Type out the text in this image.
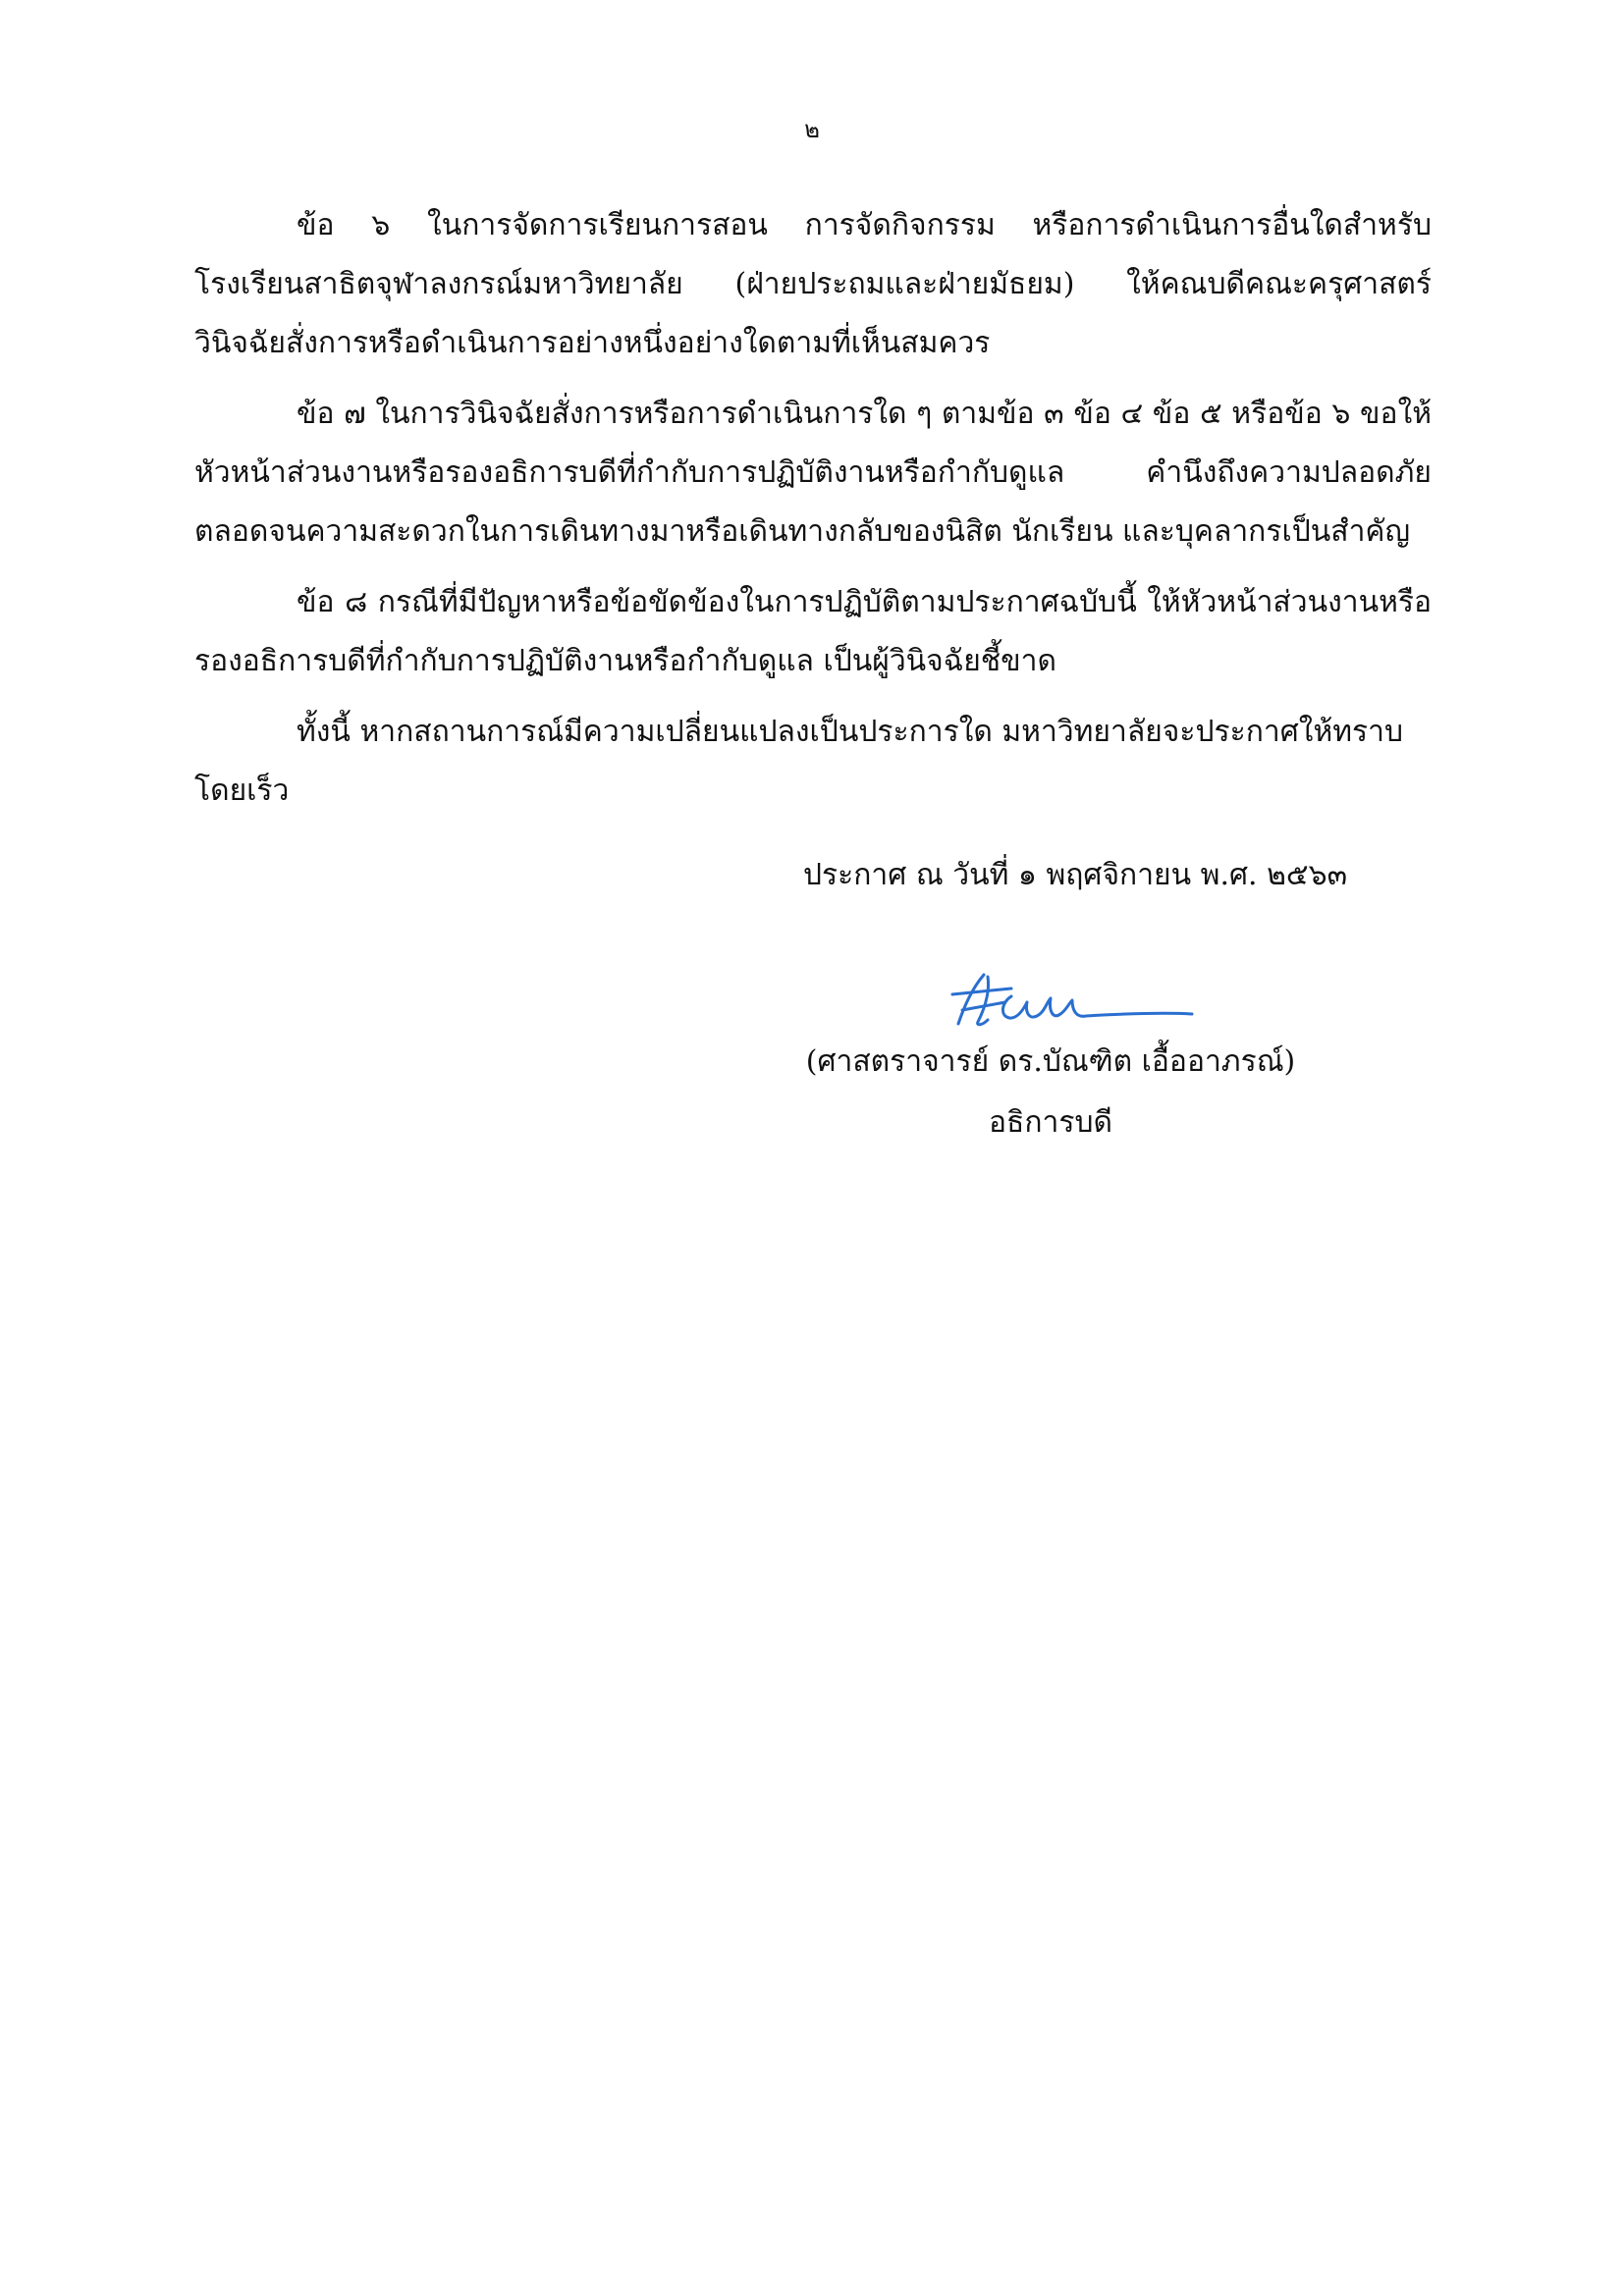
๒

ข้อ ๖ ในการจัดการเรียนการสอน การจัดกิจกรรม หรือการดำเนินการอื่นใดสำหรับโรงเรียนสาธิตจุฬาลงกรณ์มหาวิทยาลัย (ฝ่ายประถมและฝ่ายมัธยม) ให้คณบดีคณะครุศาสตร์ วินิจฉัยสั่งการหรือดำเนินการอย่างหนึ่งอย่างใดตามที่เห็นสมควร

ข้อ ๗ ในการวินิจฉัยสั่งการหรือการดำเนินการใด ๆ ตามข้อ ๓ ข้อ ๔ ข้อ ๕ หรือข้อ ๖ ขอให้หัวหน้าส่วนงานหรือรองอธิการบดีที่กำกับการปฏิบัติงานหรือกำกับดูแล คำนึงถึงความปลอดภัยตลอดจนความสะดวกในการเดินทางมาหรือเดินทางกลับของนิสิต นักเรียน และบุคลากรเป็นสำคัญ

ข้อ ๘ กรณีที่มีปัญหาหรือข้อขัดข้องในการปฏิบัติตามประกาศฉบับนี้ ให้หัวหน้าส่วนงานหรือรองอธิการบดีที่กำกับการปฏิบัติงานหรือกำกับดูแล เป็นผู้วินิจฉัยชี้ขาด

ทั้งนี้ หากสถานการณ์มีความเปลี่ยนแปลงเป็นประการใด มหาวิทยาลัยจะประกาศให้ทราบโดยเร็ว

ประกาศ ณ วันที่ ๑ พฤศจิกายน พ.ศ. ๒๕๖๓
(ศาสตราจารย์ ดร.บัณฑิต เอื้ออาภรณ์)
อธิการบดี
